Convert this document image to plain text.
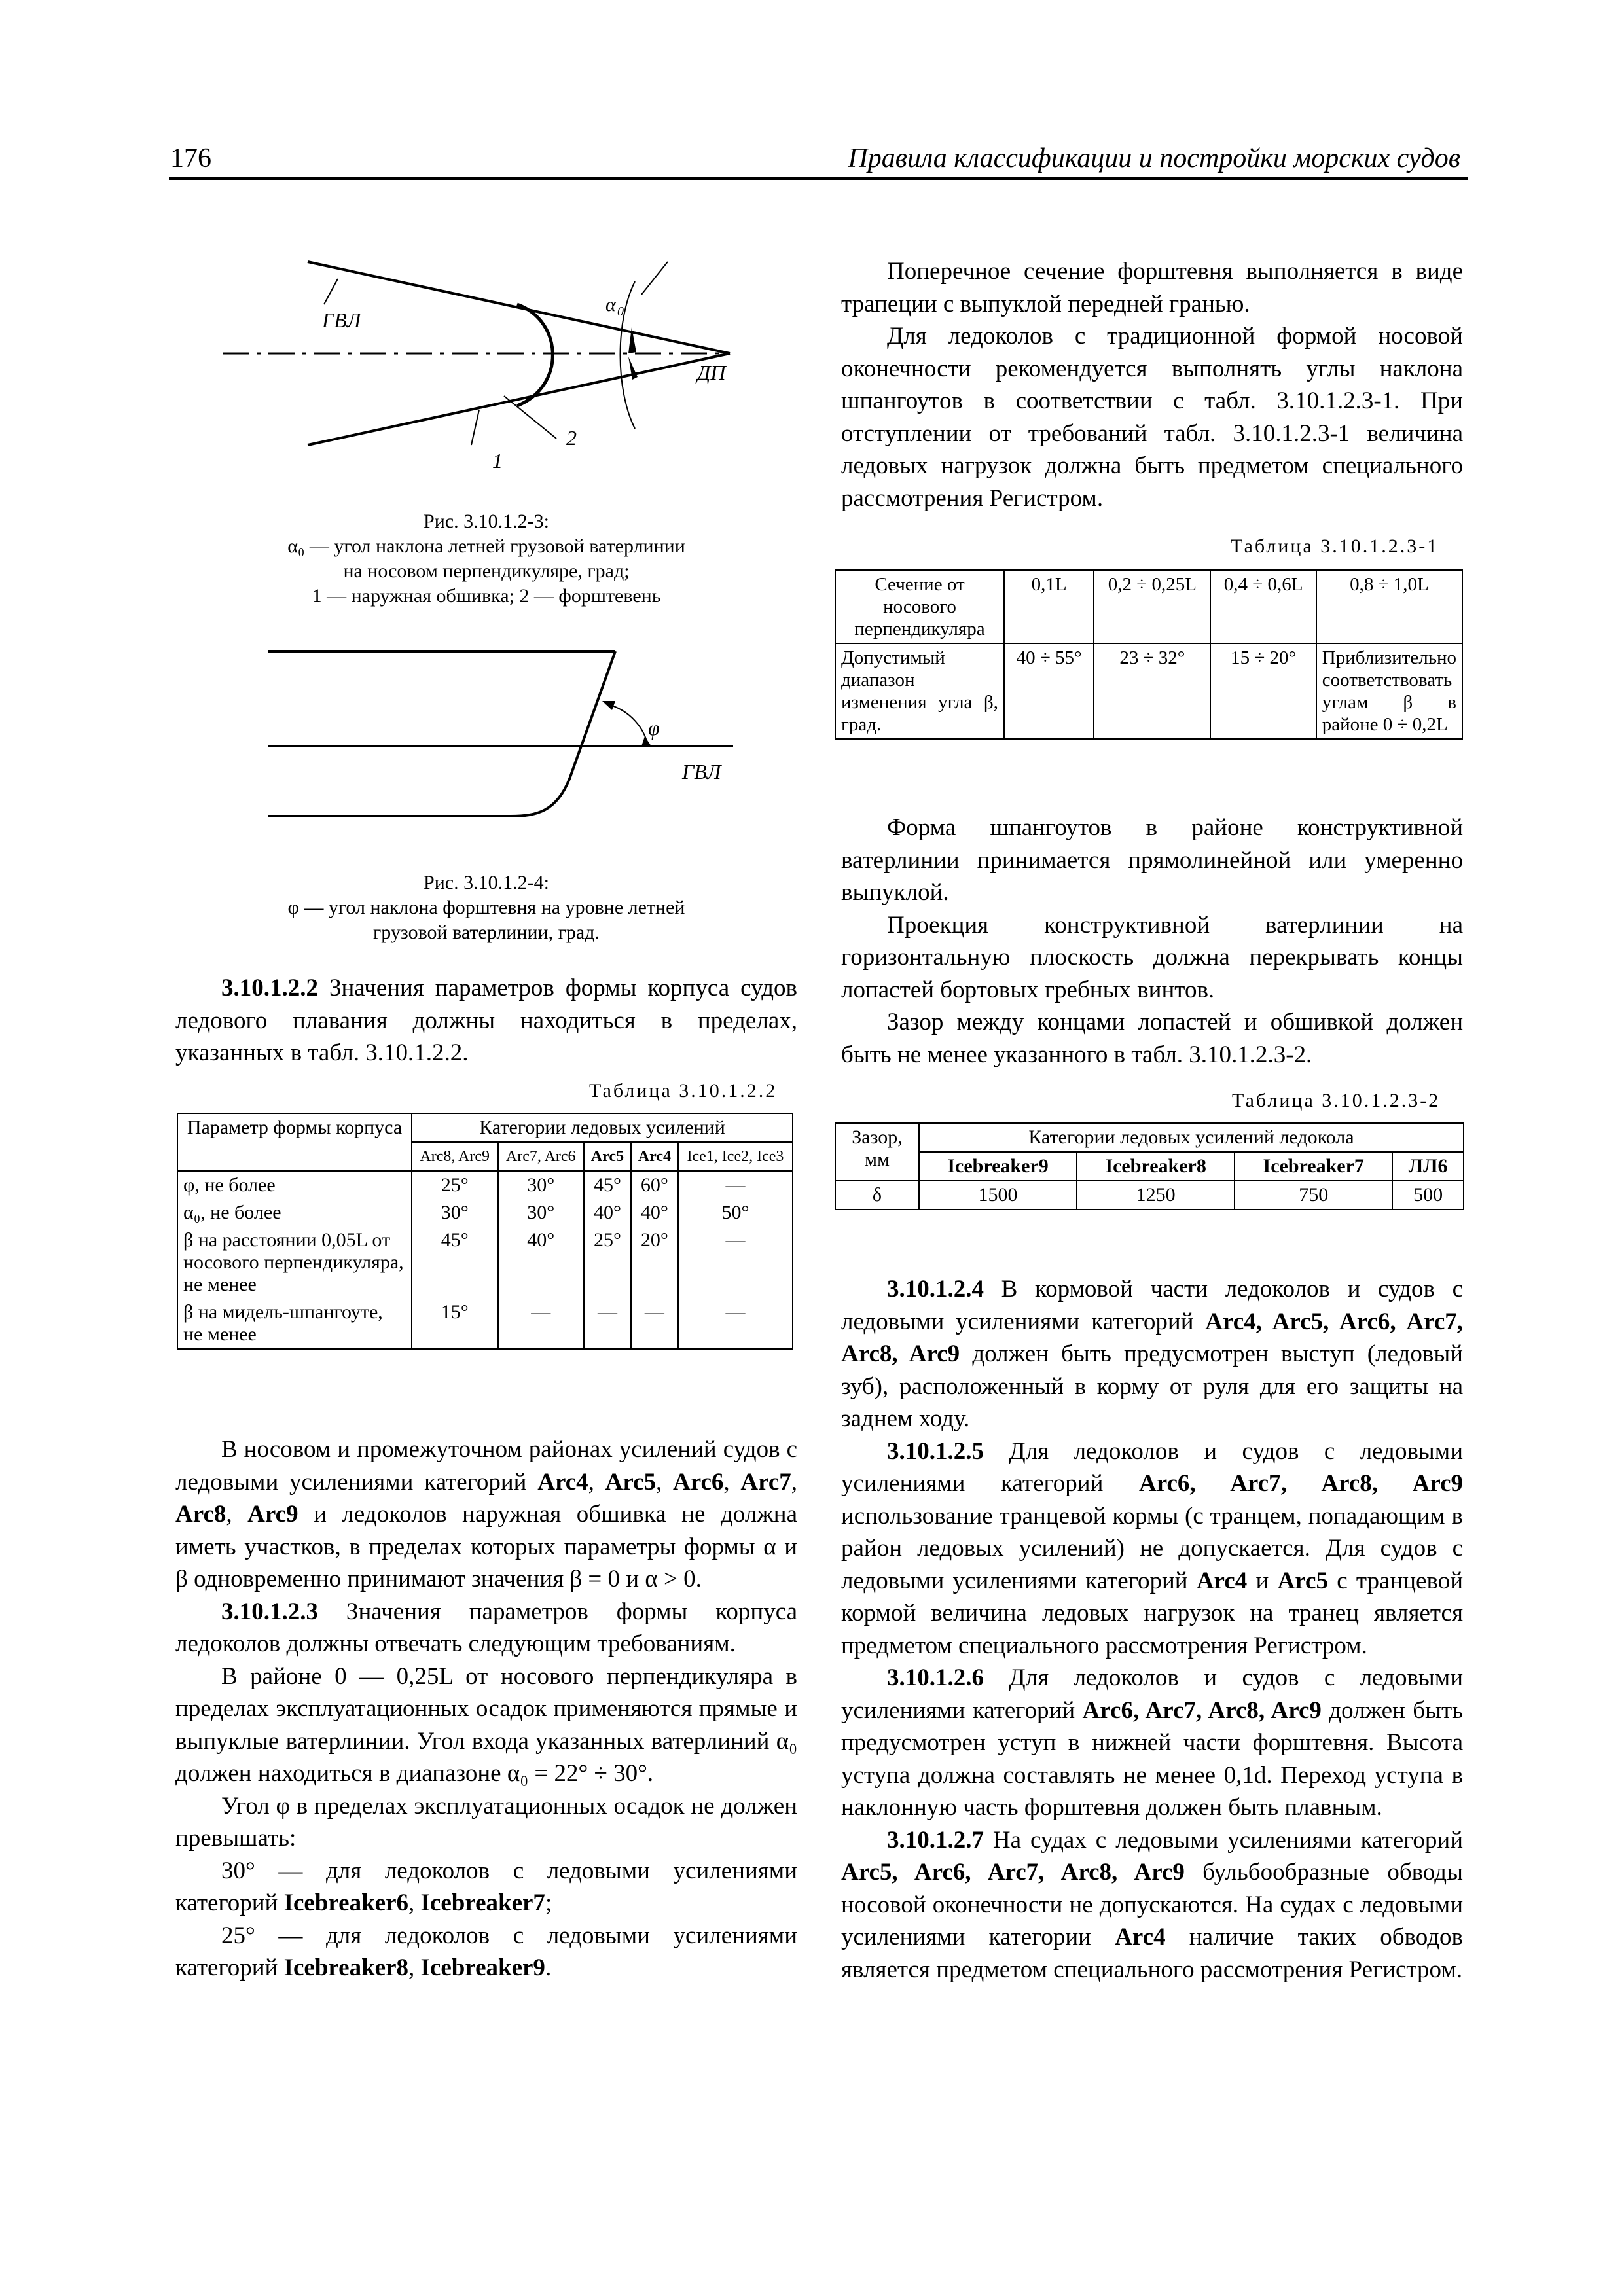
176	Правила классификации и постройки морских судов
ГВЛ
ДП
α 0
2
1
Рис. 3.10.1.2-3:
α₀ — угол наклона летней грузовой ватерлинии
на носовом перпендикуляре, град;
1 — наружная обшивка; 2 — форштевень
φ
ГВЛ
Рис. 3.10.1.2-4:
φ — угол наклона форштевня на уровне летней
грузовой ватерлинии, град.

3.10.1.2.2 Значения параметров формы корпуса судов ледового плавания должны находиться в пределах, указанных в табл. 3.10.1.2.2.

Таблица 3.10.1.2.2
Параметр формы корпуса	Категории ледовых усилений				
	Arc8, Arc9	Arc7, Arc6	Arc5	Arc4	Ice1, Ice2, Ice3
φ, не более	25°	30°	45°	60°	—
α₀, не более	30°	30°	40°	40°	50°
β на расстоянии 0,05L от носового перпендикуляра, не менее	45°	40°	25°	20°	—
β на мидель-шпангоуте, не менее	15°	—	—	—	—

В носовом и промежуточном районах усилений судов с ледовыми усилениями категорий Arc4, Arc5, Arc6, Arc7, Arc8, Arc9 и ледоколов наружная обшивка не должна иметь участков, в пределах которых параметры формы α и β одновременно принимают значения β = 0 и α > 0.

3.10.1.2.3 Значения параметров формы корпуса ледоколов должны отвечать следующим требованиям.

В районе 0 — 0,25L от носового перпендикуляра в пределах эксплуатационных осадок применяются прямые и выпуклые ватерлинии. Угол входа указанных ватерлиний α₀ должен находиться в диапазоне α₀ = 22° ÷ 30°.

Угол φ в пределах эксплуатационных осадок не должен превышать:

30° — для ледоколов с ледовыми усилениями категорий Icebreaker6, Icebreaker7;

25° — для ледоколов с ледовыми усилениями категорий Icebreaker8, Icebreaker9.

Поперечное сечение форштевня выполняется в виде трапеции с выпуклой передней гранью.

Для ледоколов с традиционной формой носовой оконечности рекомендуется выполнять углы наклона шпангоутов в соответствии с табл. 3.10.1.2.3-1. При отступлении от требований табл. 3.10.1.2.3-1 величина ледовых нагрузок должна быть предметом специального рассмотрения Регистром.

Таблица 3.10.1.2.3-1
Сечение от носового перпендикуляра	0,1L	0,2 ÷ 0,25L	0,4 ÷ 0,6L	0,8 ÷ 1,0L
Допустимый диапазон изменения угла β, град.	40 ÷ 55°	23 ÷ 32°	15 ÷ 20°	Приблизительно соответствовать углам β в районе 0 ÷ 0,2L

Форма шпангоутов в районе конструктивной ватерлинии принимается прямолинейной или умеренно выпуклой.

Проекция конструктивной ватерлинии на горизонтальную плоскость должна перекрывать концы лопастей бортовых гребных винтов.

Зазор между концами лопастей и обшивкой должен быть не менее указанного в табл. 3.10.1.2.3-2.

Таблица 3.10.1.2.3-2
Зазор, мм	Категории ледовых усилений ледокола			
	Icebreaker9	Icebreaker8	Icebreaker7	ЛЛ6
δ	1500	1250	750	500

3.10.1.2.4 В кормовой части ледоколов и судов с ледовыми усилениями категорий Arc4, Arc5, Arc6, Arc7, Arc8, Arc9 должен быть предусмотрен выступ (ледовый зуб), расположенный в корму от руля для его защиты на заднем ходу.

3.10.1.2.5 Для ледоколов и судов с ледовыми усилениями категорий Arc6, Arc7, Arc8, Arc9 использование транцевой кормы (с транцем, попадающим в район ледовых усилений) не допускается. Для судов с ледовыми усилениями категорий Arc4 и Arc5 с транцевой кормой величина ледовых нагрузок на транец является предметом специального рассмотрения Регистром.

3.10.1.2.6 Для ледоколов и судов с ледовыми усилениями категорий Arc6, Arc7, Arc8, Arc9 должен быть предусмотрен уступ в нижней части форштевня. Высота уступа должна составлять не менее 0,1d. Переход уступа в наклонную часть форштевня должен быть плавным.

3.10.1.2.7 На судах с ледовыми усилениями категорий Arc5, Arc6, Arc7, Arc8, Arc9 бульбообразные обводы носовой оконечности не допускаются. На судах с ледовыми усилениями категории Arc4 наличие таких обводов является предметом специального рассмотрения Регистром.
